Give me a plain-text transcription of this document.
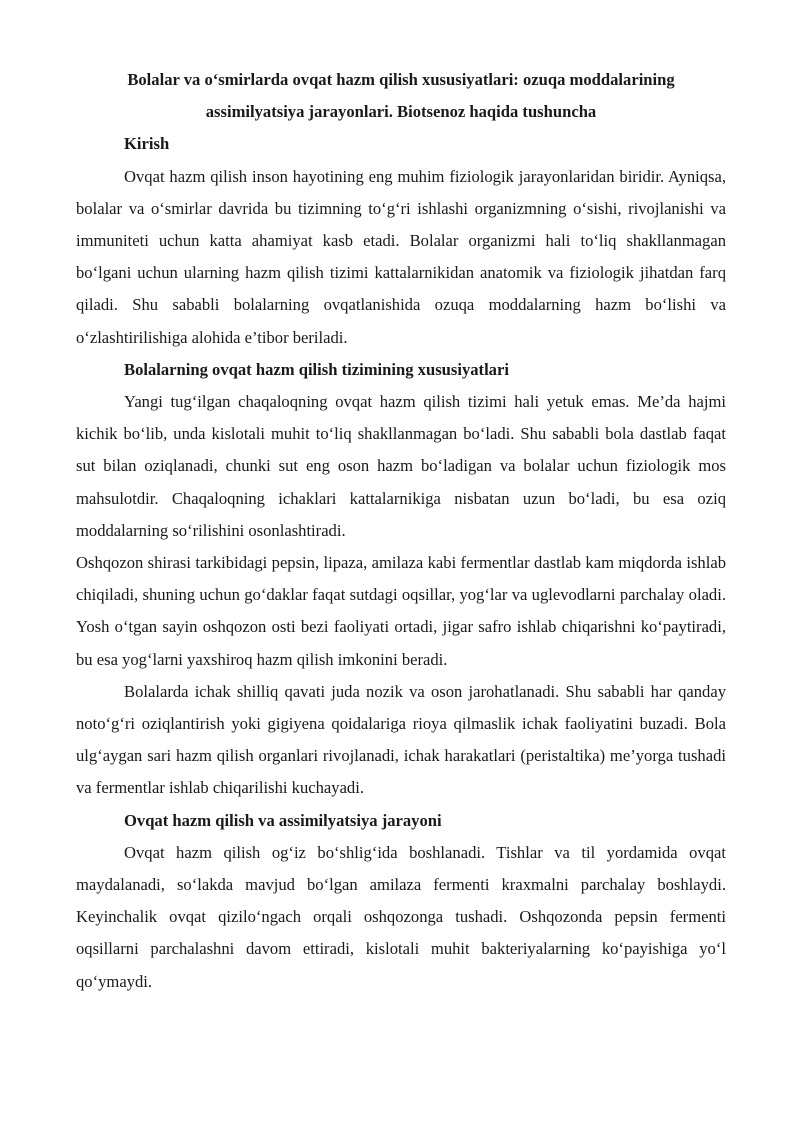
Bolalar va o‘smirlarda ovqat hazm qilish xususiyatlari: ozuqa moddalarining assimilyatsiya jarayonlari. Biotsenoz haqida tushuncha

Kirish

Ovqat hazm qilish inson hayotining eng muhim fiziologik jarayonlaridan biridir. Ayniqsa, bolalar va o‘smirlar davrida bu tizimning to‘g‘ri ishlashi organizmning o‘sishi, rivojlanishi va immuniteti uchun katta ahamiyat kasb etadi. Bolalar organizmi hali to‘liq shakllanmagan bo‘lgani uchun ularning hazm qilish tizimi kattalarnikidan anatomik va fiziologik jihatdan farq qiladi. Shu sababli bolalarning ovqatlanishida ozuqa moddalarning hazm bo‘lishi va o‘zlashtirilishiga alohida e’tibor beriladi.

Bolalarning ovqat hazm qilish tizimining xususiyatlari

Yangi tug‘ilgan chaqaloqning ovqat hazm qilish tizimi hali yetuk emas. Me’da hajmi kichik bo‘lib, unda kislotali muhit to‘liq shakllanmagan bo‘ladi. Shu sababli bola dastlab faqat sut bilan oziqlanadi, chunki sut eng oson hazm bo‘ladigan va bolalar uchun fiziologik mos mahsulotdir. Chaqaloqning ichaklari kattalarnikiga nisbatan uzun bo‘ladi, bu esa oziq moddalarning so‘rilishini osonlashtiradi.

Oshqozon shirasi tarkibidagi pepsin, lipaza, amilaza kabi fermentlar dastlab kam miqdorda ishlab chiqiladi, shuning uchun go‘daklar faqat sutdagi oqsillar, yog‘lar va uglevodlarni parchalay oladi. Yosh o‘tgan sayin oshqozon osti bezi faoliyati ortadi, jigar safro ishlab chiqarishni ko‘paytiradi, bu esa yog‘larni yaxshiroq hazm qilish imkonini beradi.

Bolalarda ichak shilliq qavati juda nozik va oson jarohatlanadi. Shu sababli har qanday noto‘g‘ri oziqlantirish yoki gigiyena qoidalariga rioya qilmaslik ichak faoliyatini buzadi. Bola ulg‘aygan sari hazm qilish organlari rivojlanadi, ichak harakatlari (peristaltika) me’yorga tushadi va fermentlar ishlab chiqarilishi kuchayadi.

Ovqat hazm qilish va assimilyatsiya jarayoni

Ovqat hazm qilish og‘iz bo‘shlig‘ida boshlanadi. Tishlar va til yordamida ovqat maydalanadi, so‘lakda mavjud bo‘lgan amilaza fermenti kraxmalni parchalay boshlaydi. Keyinchalik ovqat qizilo‘ngach orqali oshqozonga tushadi. Oshqozonda pepsin fermenti oqsillarni parchalashni davom ettiradi, kislotali muhit bakteriyalarning ko‘payishiga yo‘l qo‘ymaydi.
